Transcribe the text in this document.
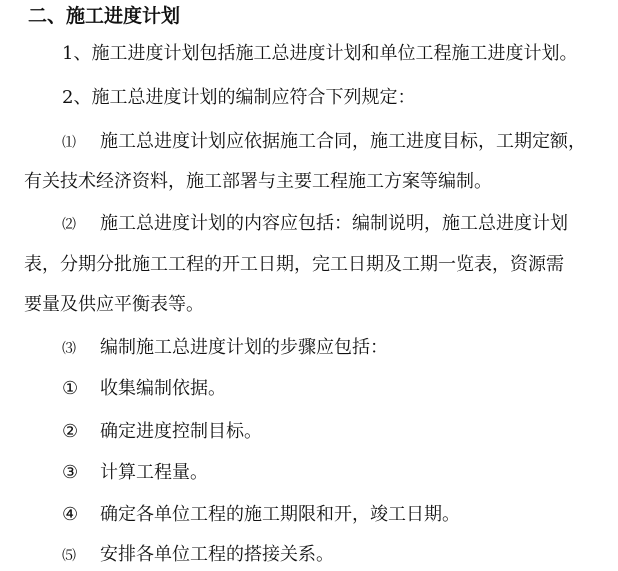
二、施工进度计划
1、施工进度计划包括施工总进度计划和单位工程施工进度计划。
2、施工总进度计划的编制应符合下列规定：
⑴ 施工总进度计划应依据施工合同，施工进度目标，工期定额，
有关技术经济资料，施工部署与主要工程施工方案等编制。
⑵ 施工总进度计划的内容应包括：编制说明，施工总进度计划
表，分期分批施工工程的开工日期，完工日期及工期一览表，资源需
要量及供应平衡表等。
⑶ 编制施工总进度计划的步骤应包括：
① 收集编制依据。
② 确定进度控制目标。
③ 计算工程量。
④ 确定各单位工程的施工期限和开，竣工日期。
⑸ 安排各单位工程的搭接关系。
